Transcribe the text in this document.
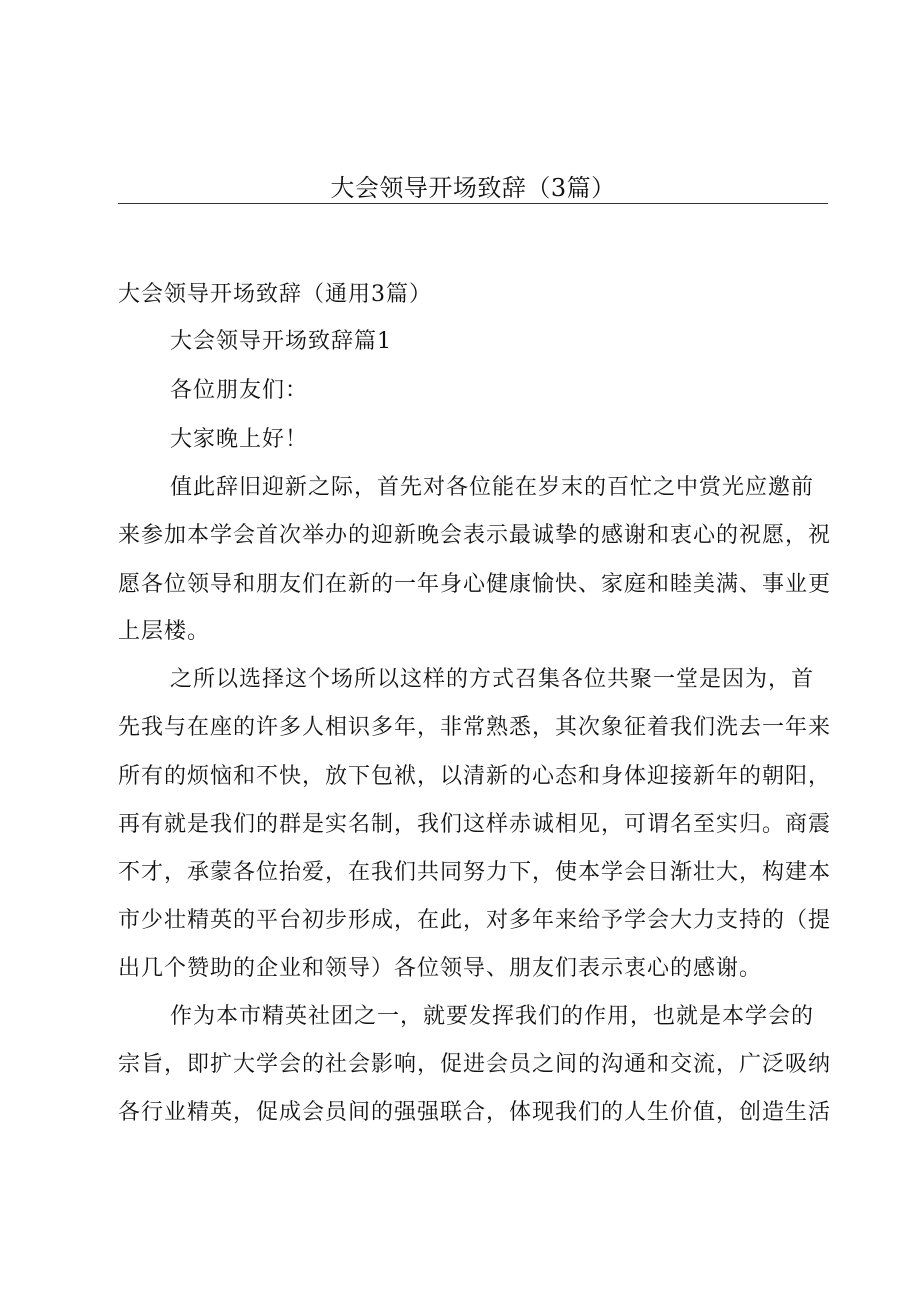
大会领导开场致辞（3篇）
大会领导开场致辞（通用3篇）
大会领导开场致辞篇1
各位朋友们：
大家晚上好！
值此辞旧迎新之际，首先对各位能在岁末的百忙之中赏光应邀前
来参加本学会首次举办的迎新晚会表示最诚挚的感谢和衷心的祝愿，祝
愿各位领导和朋友们在新的一年身心健康愉快、家庭和睦美满、事业更
上层楼。
之所以选择这个场所以这样的方式召集各位共聚一堂是因为，首
先我与在座的许多人相识多年，非常熟悉，其次象征着我们洗去一年来
所有的烦恼和不快，放下包袱，以清新的心态和身体迎接新年的朝阳，
再有就是我们的群是实名制，我们这样赤诚相见，可谓名至实归。商震
不才，承蒙各位抬爱，在我们共同努力下，使本学会日渐壮大，构建本
市少壮精英的平台初步形成，在此，对多年来给予学会大力支持的（提
出几个赞助的企业和领导）各位领导、朋友们表示衷心的感谢。
作为本市精英社团之一，就要发挥我们的作用，也就是本学会的
宗旨，即扩大学会的社会影响，促进会员之间的沟通和交流，广泛吸纳
各行业精英，促成会员间的强强联合，体现我们的人生价值，创造生活
